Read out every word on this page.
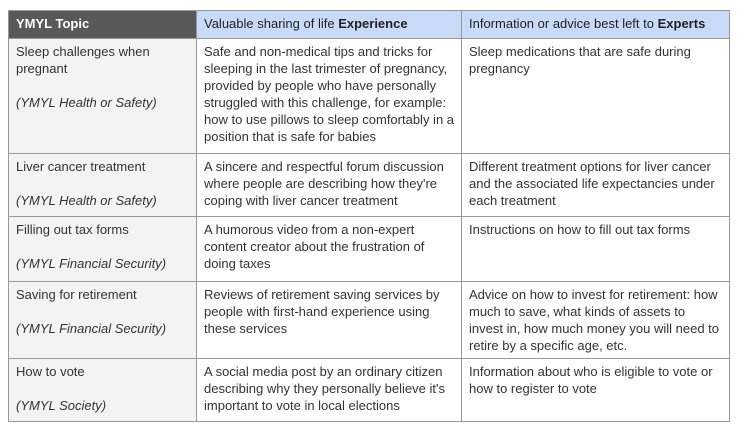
YMYL Topic	Valuable sharing of life Experience	Information or advice best left to Experts

Sleep challenges when pregnant
(YMYL Health or Safety)	Safe and non-medical tips and tricks for sleeping in the last trimester of pregnancy, provided by people who have personally struggled with this challenge, for example: how to use pillows to sleep comfortably in a position that is safe for babies	Sleep medications that are safe during pregnancy

Liver cancer treatment
(YMYL Health or Safety)	A sincere and respectful forum discussion where people are describing how they're coping with liver cancer treatment	Different treatment options for liver cancer and the associated life expectancies under each treatment

Filling out tax forms
(YMYL Financial Security)	A humorous video from a non-expert content creator about the frustration of doing taxes	Instructions on how to fill out tax forms

Saving for retirement
(YMYL Financial Security)	Reviews of retirement saving services by people with first-hand experience using these services	Advice on how to invest for retirement: how much to save, what kinds of assets to invest in, how much money you will need to retire by a specific age, etc.

How to vote
(YMYL Society)	A social media post by an ordinary citizen describing why they personally believe it's important to vote in local elections	Information about who is eligible to vote or how to register to vote
